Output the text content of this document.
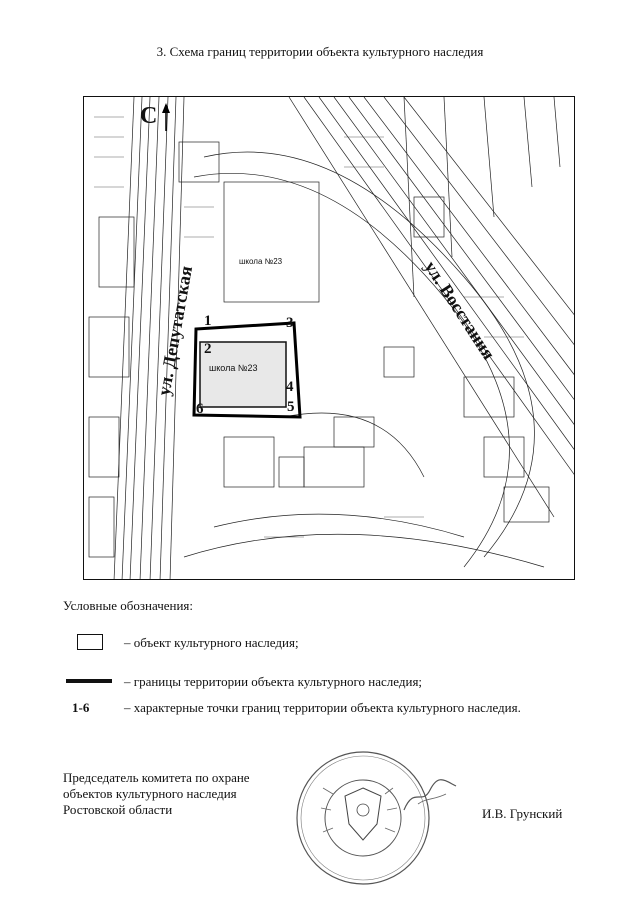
3. Схема границ территории объекта культурного наследия
С
ул. Депутатская	ул. Восстания
школа №23
школа №23
1
2
3
4
5
6
Условные обозначения:
– объект культурного наследия;
– границы территории объекта культурного наследия;
1-6	– характерные точки границ территории объекта культурного наследия.
Председатель комитета по охране
объектов культурного наследия
Ростовской области	И.В. Грунский
